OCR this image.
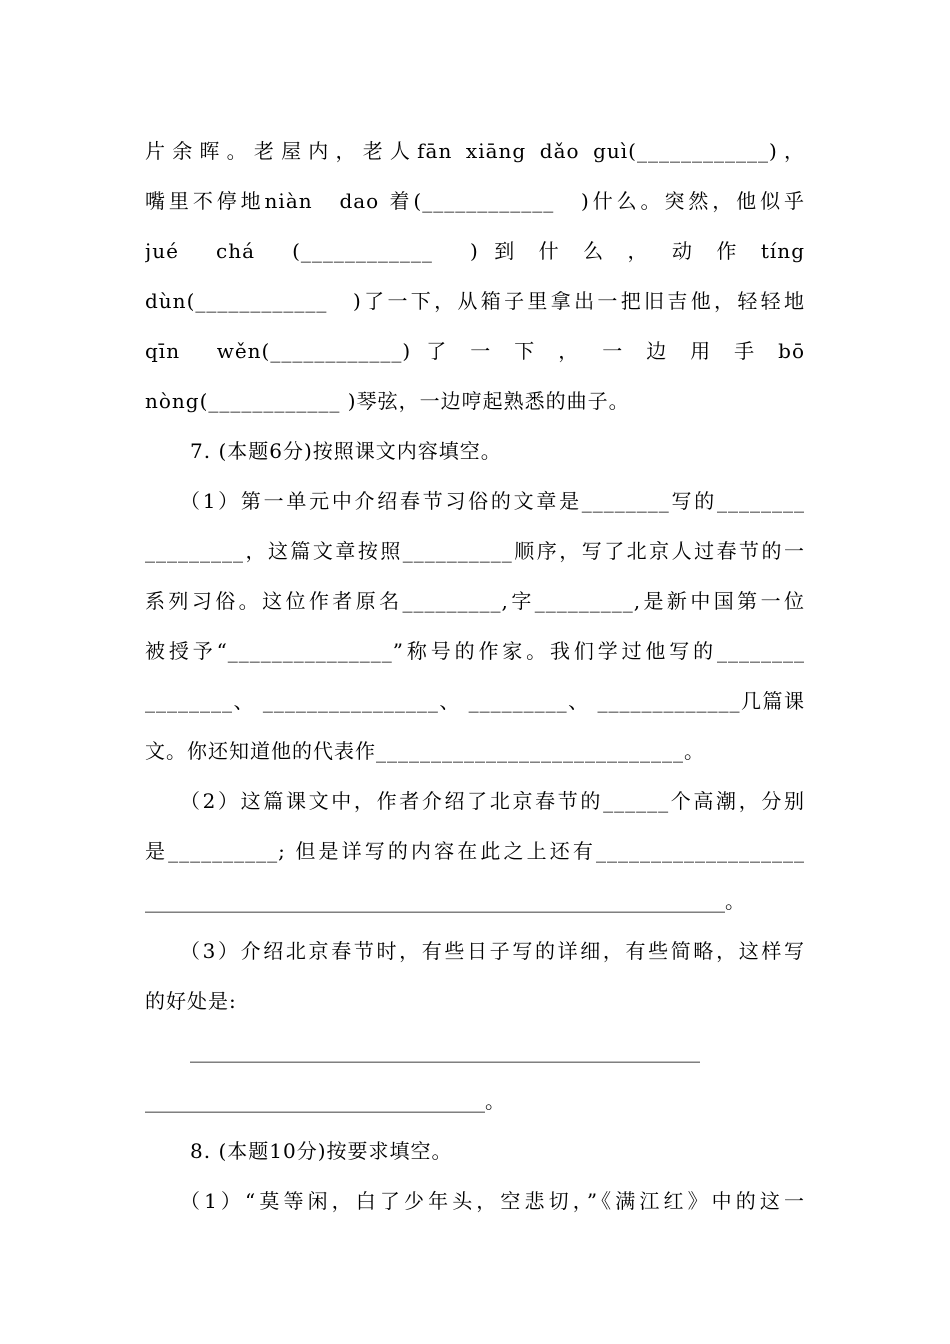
片余晖。老屋内，老人fān xiāng dǎo guì(____________)，
嘴里不停地niàn　dao 着(____________　)什么。突然，他似乎
jué　chá　(____________　) 到 什 么 ， 动 作 tíng
dùn(____________　)了一下，从箱子里拿出一把旧吉他，轻轻地
qīn　wěn(____________) 了 一 下 ， 一 边 用 手 bō
nòng(____________ )琴弦，一边哼起熟悉的曲子。
7. (本题6分)按照课文内容填空。
（1）第一单元中介绍春节习俗的文章是________写的________
_________，这篇文章按照__________顺序，写了北京人过春节的一
系列习俗。这位作者原名_________,字_________,是新中国第一位
被授予“_______________”称号的作家。我们学过他写的________
________、 ________________、 _________、 _____________几篇课
文。你还知道他的代表作____________________________。
（2）这篇课文中，作者介绍了北京春节的______个高潮，分别
是__________; 但是详写的内容在此之上还有___________________
__________________________________________________________。
（3）介绍北京春节时，有些日子写的详细，有些简略，这样写
的好处是:
___________________________________________________
__________________________________。
8. (本题10分)按要求填空。
（1）“莫等闲，白了少年头，空悲切，”《满江红》中的这一
